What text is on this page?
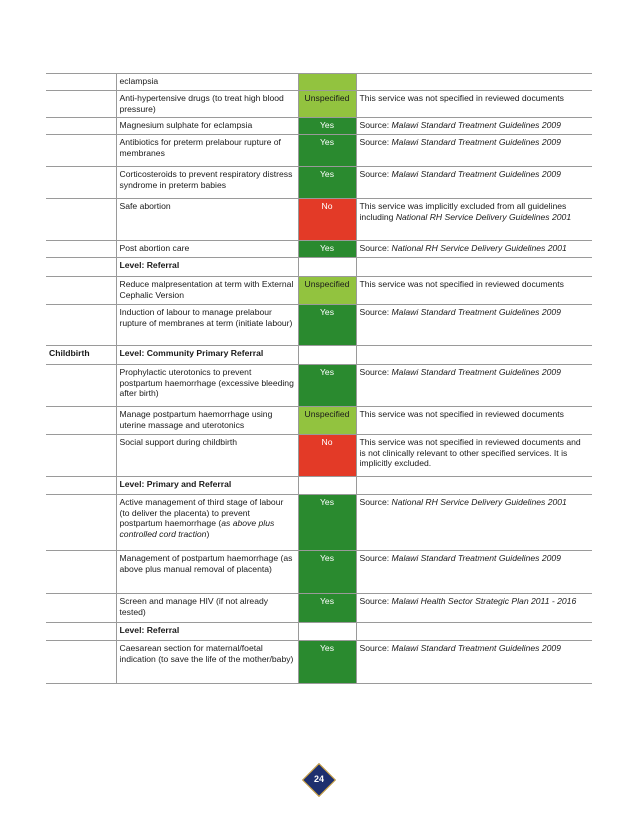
	eclampsia	

	Anti-hypertensive drugs (to treat high blood pressure)	Unspecified	This service was not specified in reviewed documents
	Magnesium sulphate for eclampsia	Yes	Source: Malawi Standard Treatment Guidelines 2009
	Antibiotics for preterm prelabour rupture of membranes	Yes	Source: Malawi Standard Treatment Guidelines 2009
	Corticosteroids to prevent respiratory distress syndrome in preterm babies	Yes	Source: Malawi Standard Treatment Guidelines 2009
	Safe abortion	No	This service was implicitly excluded from all guidelines including National RH Service Delivery Guidelines 2001
	Post abortion care	Yes	Source: National RH Service Delivery Guidelines 2001
	Level: Referral	

	Reduce malpresentation at term with External Cephalic Version	Unspecified	This service was not specified in reviewed documents
	Induction of labour to manage prelabour rupture of membranes at term (initiate labour)	Yes	Source: Malawi Standard Treatment Guidelines 2009
Childbirth	Level: Community Primary Referral	

	Prophylactic uterotonics to prevent postpartum haemorrhage (excessive bleeding after birth)	Yes	Source: Malawi Standard Treatment Guidelines 2009
	Manage postpartum haemorrhage using uterine massage and uterotonics	Unspecified	This service was not specified in reviewed documents
	Social support during childbirth	No	This service was not specified in reviewed documents and is not clinically relevant to other specified services. It is implicitly excluded.
	Level: Primary and Referral	

	Active management of third stage of labour (to deliver the placenta) to prevent postpartum haemorrhage (as above plus controlled cord traction)	Yes	Source: National RH Service Delivery Guidelines 2001
	Management of postpartum haemorrhage (as above plus manual removal of placenta)	Yes	Source: Malawi Standard Treatment Guidelines 2009
	Screen and manage HIV (if not already tested)	Yes	Source: Malawi Health Sector Strategic Plan 2011 - 2016
	Level: Referral	

	Caesarean section for maternal/foetal indication (to save the life of the mother/baby)	Yes	Source: Malawi Standard Treatment Guidelines 2009
24
